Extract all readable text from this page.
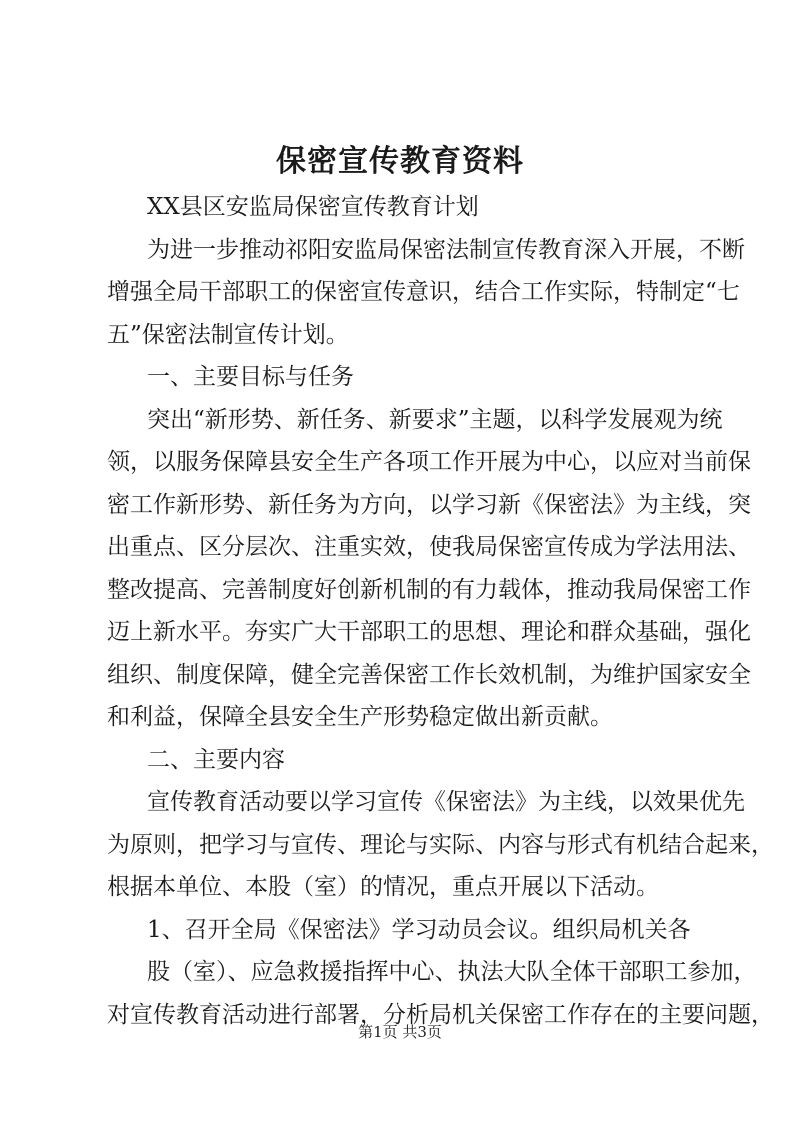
保密宣传教育资料
XX县区安监局保密宣传教育计划
为进一步推动祁阳安监局保密法制宣传教育深入开展，不断
增强全局干部职工的保密宣传意识，结合工作实际，特制定“七
五”保密法制宣传计划。
一、主要目标与任务
突出“新形势、新任务、新要求”主题，以科学发展观为统
领，以服务保障县安全生产各项工作开展为中心，以应对当前保
密工作新形势、新任务为方向，以学习新《保密法》为主线，突
出重点、区分层次、注重实效，使我局保密宣传成为学法用法、
整改提高、完善制度好创新机制的有力载体，推动我局保密工作
迈上新水平。夯实广大干部职工的思想、理论和群众基础，强化
组织、制度保障，健全完善保密工作长效机制，为维护国家安全
和利益，保障全县安全生产形势稳定做出新贡献。
二、主要内容
宣传教育活动要以学习宣传《保密法》为主线，以效果优先
为原则，把学习与宣传、理论与实际、内容与形式有机结合起来，
根据本单位、本股（室）的情况，重点开展以下活动。
1、召开全局《保密法》学习动员会议。组织局机关各
股（室）、应急救援指挥中心、执法大队全体干部职工参加，
对宣传教育活动进行部署，分析局机关保密工作存在的主要问题，
第1页 共3页
